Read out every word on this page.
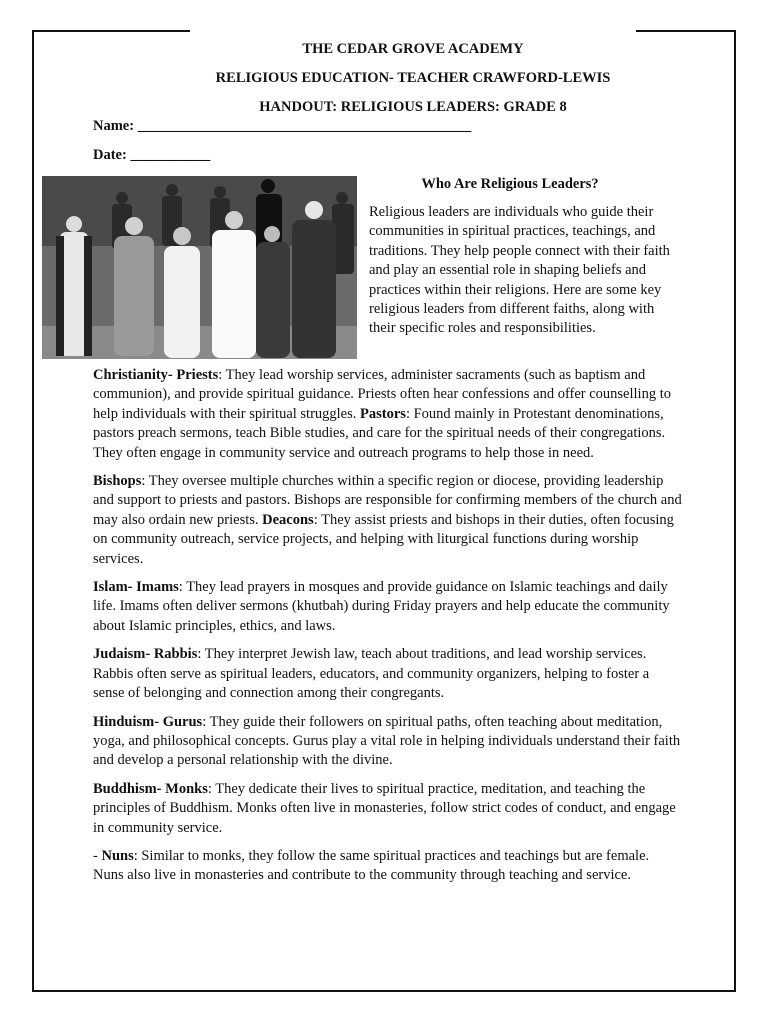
THE CEDAR GROVE ACADEMY
RELIGIOUS EDUCATION- TEACHER CRAWFORD-LEWIS
HANDOUT: RELIGIOUS LEADERS: GRADE 8
Name: ______________________________________________
Date: ___________
Who Are Religious Leaders?

Religious leaders are individuals who guide their communities in spiritual practices, teachings, and traditions. They help people connect with their faith and play an essential role in shaping beliefs and practices within their religions. Here are some key religious leaders from different faiths, along with their specific roles and responsibilities.

Christianity- Priests: They lead worship services, administer sacraments (such as baptism and communion), and provide spiritual guidance. Priests often hear confessions and offer counselling to help individuals with their spiritual struggles. Pastors: Found mainly in Protestant denominations, pastors preach sermons, teach Bible studies, and care for the spiritual needs of their congregations. They often engage in community service and outreach programs to help those in need.

Bishops: They oversee multiple churches within a specific region or diocese, providing leadership and support to priests and pastors. Bishops are responsible for confirming members of the church and may also ordain new priests. Deacons: They assist priests and bishops in their duties, often focusing on community outreach, service projects, and helping with liturgical functions during worship services.

Islam- Imams: They lead prayers in mosques and provide guidance on Islamic teachings and daily life. Imams often deliver sermons (khutbah) during Friday prayers and help educate the community about Islamic principles, ethics, and laws.

Judaism- Rabbis: They interpret Jewish law, teach about traditions, and lead worship services. Rabbis often serve as spiritual leaders, educators, and community organizers, helping to foster a sense of belonging and connection among their congregants.

Hinduism- Gurus: They guide their followers on spiritual paths, often teaching about meditation, yoga, and philosophical concepts. Gurus play a vital role in helping individuals understand their faith and develop a personal relationship with the divine.

Buddhism- Monks: They dedicate their lives to spiritual practice, meditation, and teaching the principles of Buddhism. Monks often live in monasteries, follow strict codes of conduct, and engage in community service.

- Nuns: Similar to monks, they follow the same spiritual practices and teachings but are female. Nuns also live in monasteries and contribute to the community through teaching and service.
